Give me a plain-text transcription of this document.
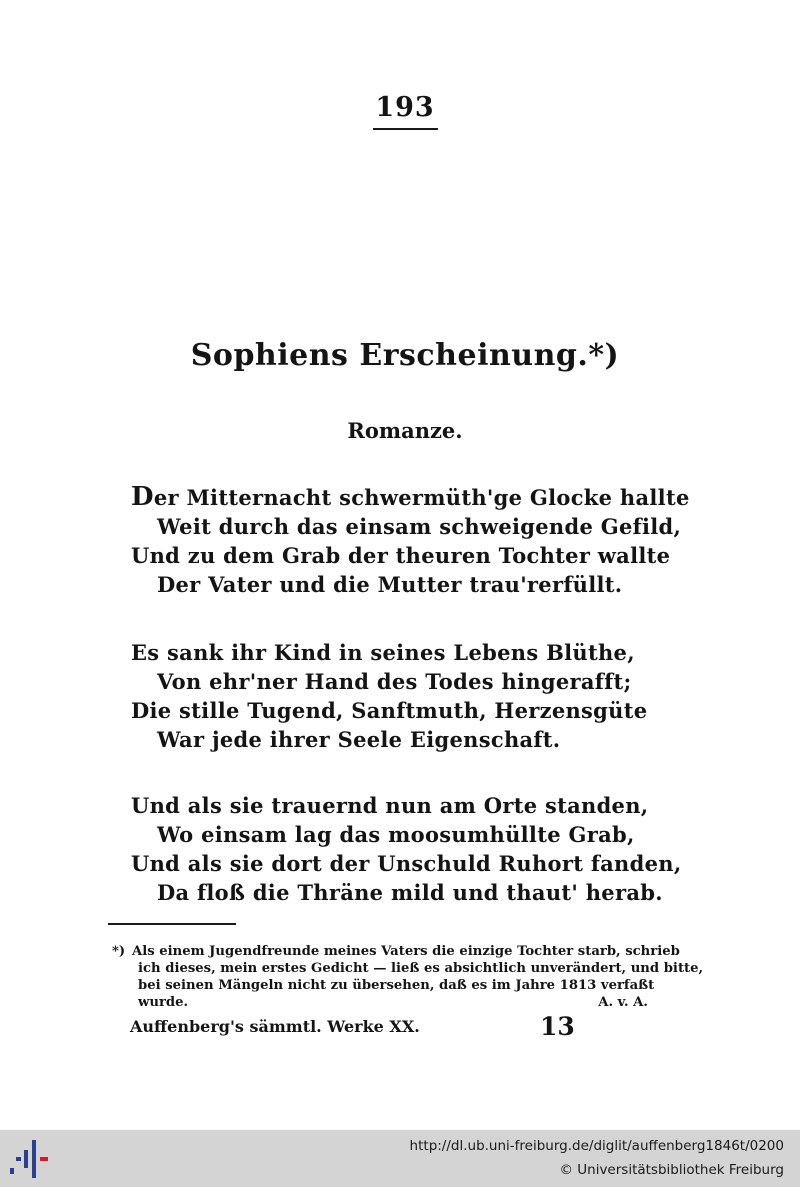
193
Sophiens Erscheinung.*)
Romanze.
Der Mitternacht schwermüth'ge Glocke hallte
Weit durch das einsam schweigende Gefild,
Und zu dem Grab der theuren Tochter wallte
Der Vater und die Mutter trau'rerfüllt.
Es sank ihr Kind in seines Lebens Blüthe,
Von ehr'ner Hand des Todes hingerafft;
Die stille Tugend, Sanftmuth, Herzensgüte
War jede ihrer Seele Eigenschaft.
Und als sie trauernd nun am Orte standen,
Wo einsam lag das moosumhüllte Grab,
Und als sie dort der Unschuld Ruhort fanden,
Da floß die Thräne mild und thaut' herab.
*) Als einem Jugendfreunde meines Vaters die einzige Tochter starb, schrieb
ich dieses, mein erstes Gedicht — ließ es absichtlich unverändert, und bitte,
bei seinen Mängeln nicht zu übersehen, daß es im Jahre 1813 verfaßt
wurde.	A. v. A.
Auffenberg's sämmtl. Werke XX.	13
http://dl.ub.uni-freiburg.de/diglit/auffenberg1846t/0200
© Universitätsbibliothek Freiburg
